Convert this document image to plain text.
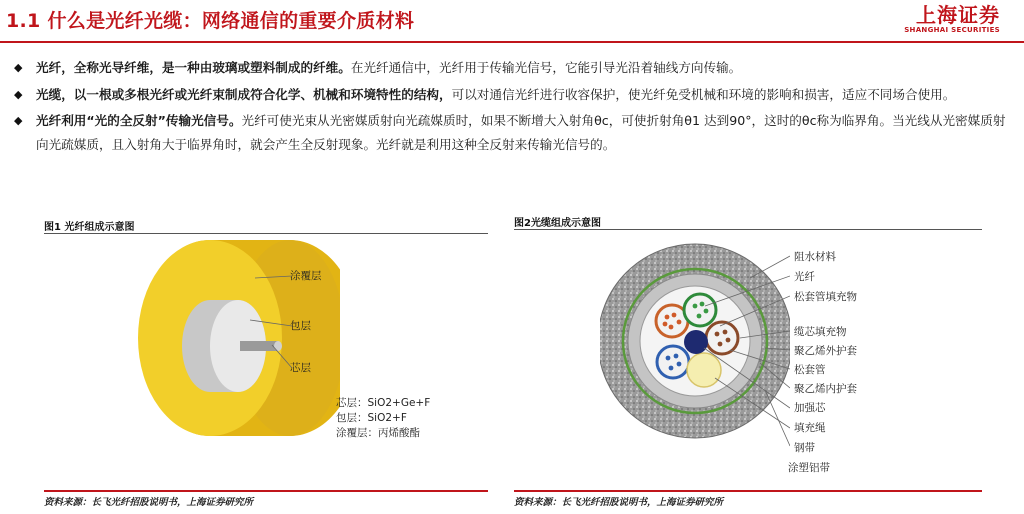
1.1 什么是光纤光缆：网络通信的重要介质材料	上海证券
SHANGHAI SECURITIES
◆ 光纤，全称光导纤维，是一种由玻璃或塑料制成的纤维。在光纤通信中，光纤用于传输光信号，它能引导光沿着轴线方向传输。
◆ 光缆，以一根或多根光纤或光纤束制成符合化学、机械和环境特性的结构，可以对通信光纤进行收容保护，使光纤免受机械和环境的影响和损害，适应不同场合使用。
◆ 光纤利用“光的全反射”传输光信号。光纤可使光束从光密媒质射向光疏媒质时，如果不断增大入射角θc，可使折射角θ1 达到90°，这时的θc称为临界角。当光线从光密媒质射向光疏媒质，且入射角大于临界角时，就会产生全反射现象。光纤就是利用这种全反射来传输光信号的。
图1 光纤组成示意图
涂覆层
包层
芯层
芯层：SiO2+Ge+F
包层：SiO2+F
涂覆层：丙烯酸酯
资料来源：长飞光纤招股说明书，上海证券研究所
图2光缆组成示意图
阻水材料
光纤
松套管填充物
缆芯填充物
聚乙烯外护套
松套管
聚乙烯内护套
加强芯
填充绳
钢带
涂塑铝带
资料来源：长飞光纤招股说明书，上海证券研究所
